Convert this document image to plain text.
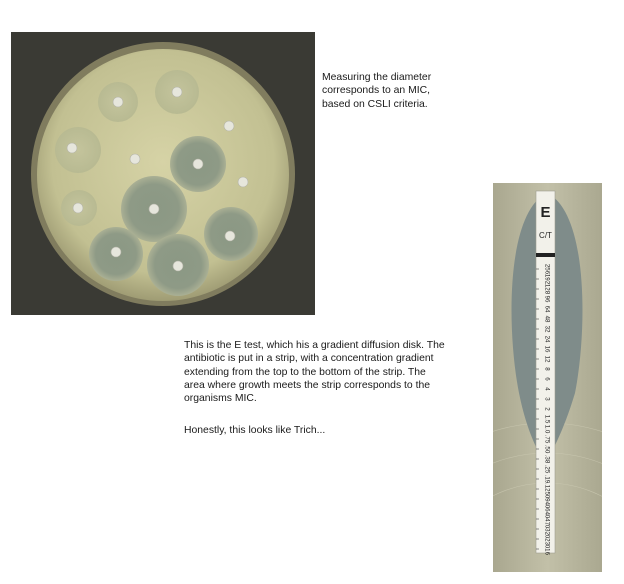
Measuring the diameter
corresponds to an MIC,
based on CSLI criteria.
E
C/T
256
192
128
96
64
48
32
24
16
12
8
6
4
3
2
1.5
1.0
.75
.50
.38
.25
.19
.125
.094
.064
.047
.032
.023
.016
This is the E test, which his a gradient diffusion disk. The
antibiotic is put in a strip, with a concentration gradient
extending from the top to the bottom of the strip. The
area where growth meets the strip corresponds to the
organisms MIC.
Honestly, this looks like Trich...
